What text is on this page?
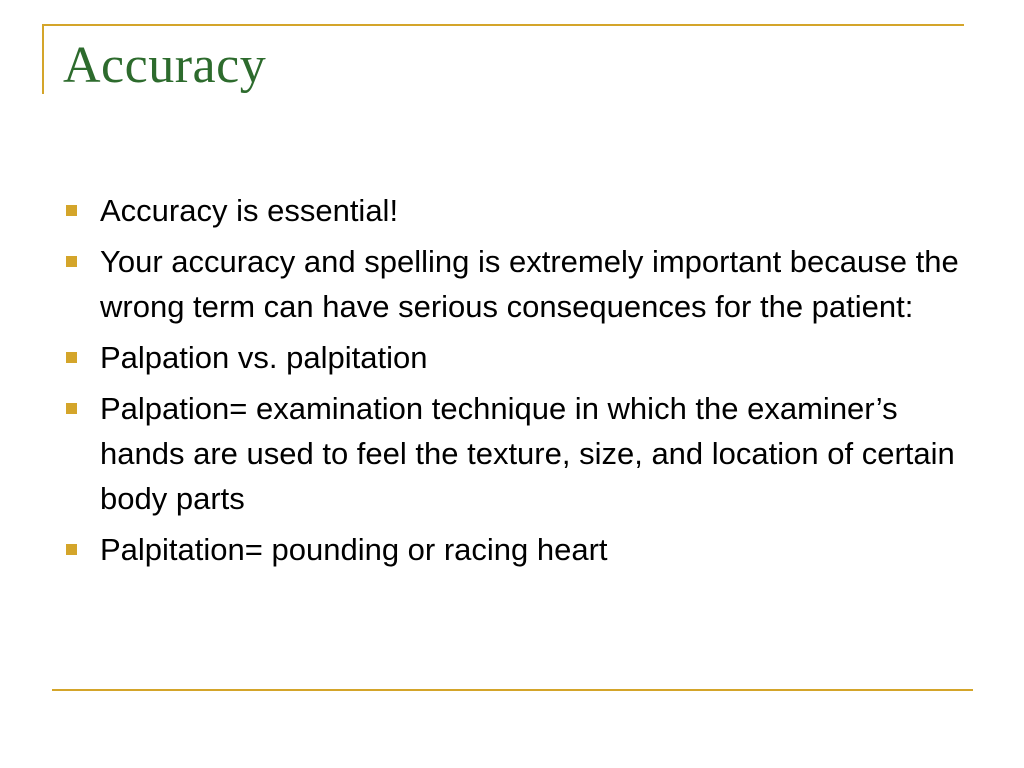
Accuracy
Accuracy is essential!
Your accuracy and spelling is extremely important because the wrong term can have serious consequences for the patient:
Palpation vs. palpitation
Palpation= examination technique in which the examiner’s hands are used to feel the texture, size, and location of certain body parts
Palpitation= pounding or racing heart
